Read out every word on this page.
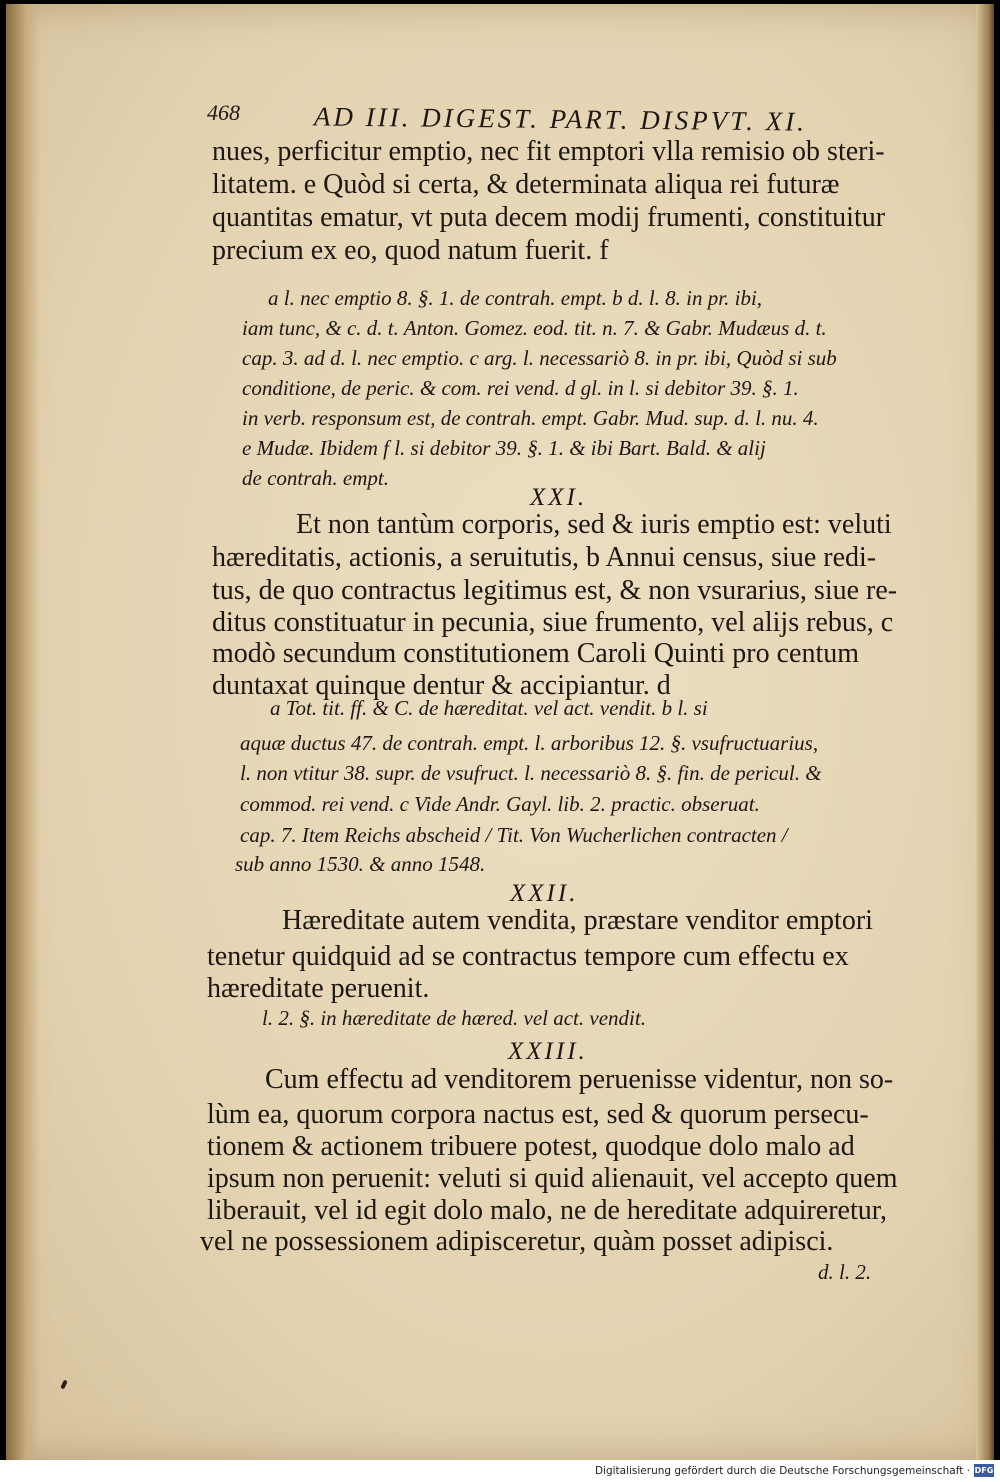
468	AD III. DIGEST. PART. DISPVT. XI.
nues, perficitur emptio, nec fit emptori vlla remisio ob steri-
litatem. e Quòd si certa, & determinata aliqua rei futuræ
quantitas ematur, vt puta decem modij frumenti, constituitur
precium ex eo, quod natum fuerit. f
a l. nec emptio 8. §. 1. de contrah. empt. b d. l. 8. in pr. ibi,
iam tunc, & c. d. t. Anton. Gomez. eod. tit. n. 7. & Gabr. Mudæus d. t.
cap. 3. ad d. l. nec emptio. c arg. l. necessariò 8. in pr. ibi, Quòd si sub
conditione, de peric. & com. rei vend. d gl. in l. si debitor 39. §. 1.
in verb. responsum est, de contrah. empt. Gabr. Mud. sup. d. l. nu. 4.
e Mudæ. Ibidem f l. si debitor 39. §. 1. & ibi Bart. Bald. & alij
de contrah. empt.
XXI.
Et non tantùm corporis, sed & iuris emptio est: veluti
hæreditatis, actionis, a seruitutis, b Annui census, siue redi-
tus, de quo contractus legitimus est, & non vsurarius, siue re-
ditus constituatur in pecunia, siue frumento, vel alijs rebus, c
modò secundum constitutionem Caroli Quinti pro centum
duntaxat quinque dentur & accipiantur. d
a Tot. tit. ff. & C. de hæreditat. vel act. vendit. b l. si
aquæ ductus 47. de contrah. empt. l. arboribus 12. §. vsufructuarius,
l. non vtitur 38. supr. de vsufruct. l. necessariò 8. §. fin. de pericul. &
commod. rei vend. c Vide Andr. Gayl. lib. 2. practic. obseruat.
cap. 7. Item Reichs abscheid / Tit. Von Wucherlichen contracten /
sub anno 1530. & anno 1548.
XXII.
Hæreditate autem vendita, præstare venditor emptori
tenetur quidquid ad se contractus tempore cum effectu ex
hæreditate peruenit.
l. 2. §. in hæreditate de hæred. vel act. vendit.
XXIII.
Cum effectu ad venditorem peruenisse videntur, non so-
lùm ea, quorum corpora nactus est, sed & quorum persecu-
tionem & actionem tribuere potest, quodque dolo malo ad
ipsum non peruenit: veluti si quid alienauit, vel accepto quem
liberauit, vel id egit dolo malo, ne de hereditate adquireretur,
vel ne possessionem adipisceretur, quàm posset adipisci.
d. l. 2.
Digitalisierung gefördert durch die Deutsche Forschungsgemeinschaft · DFG
